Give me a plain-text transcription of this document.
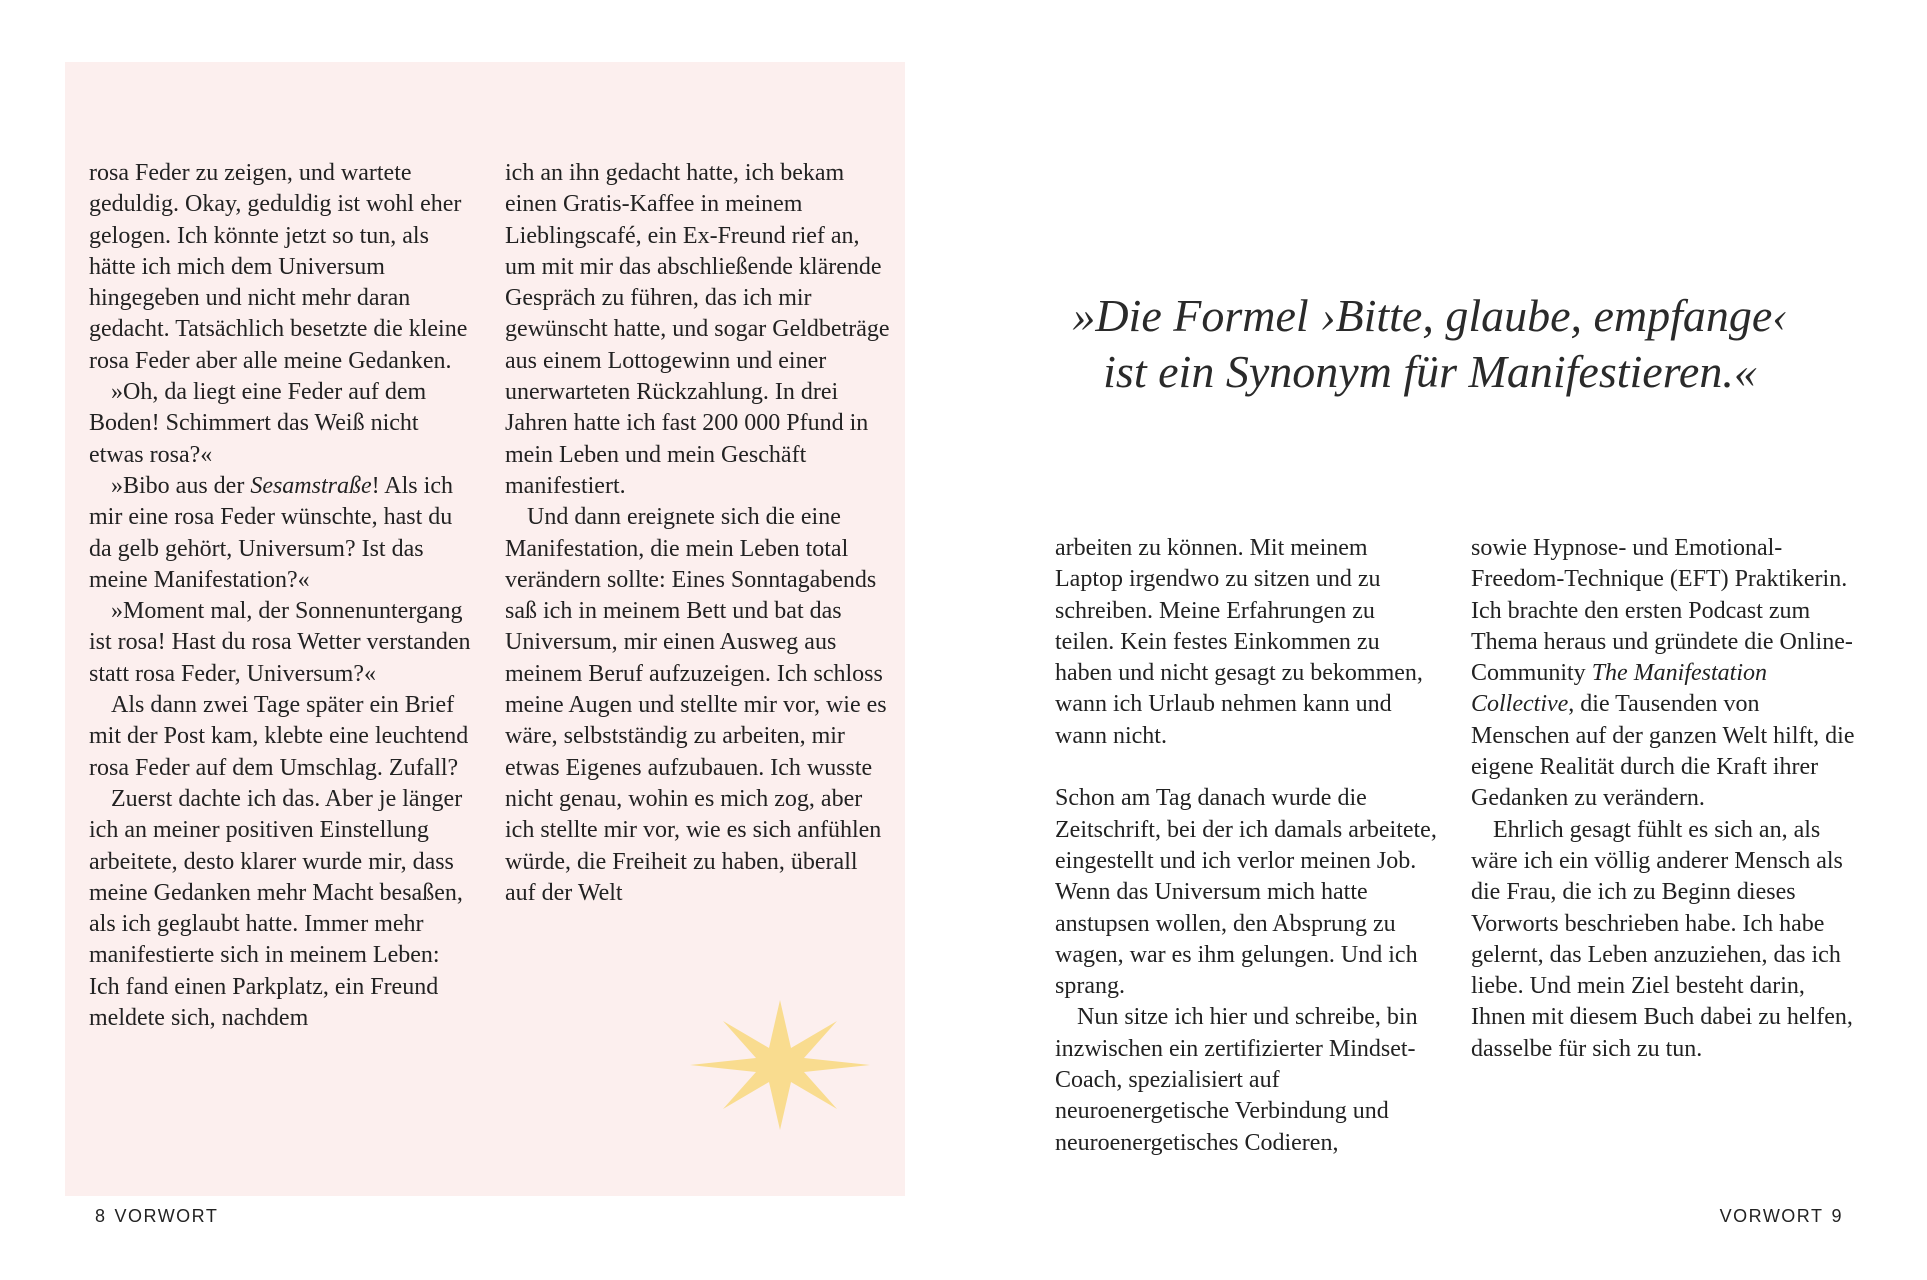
rosa Feder zu zeigen, und wartete geduldig. Okay, geduldig ist wohl eher gelogen. Ich könnte jetzt so tun, als hätte ich mich dem Universum hingegeben und nicht mehr daran gedacht. Tatsächlich besetzte die kleine rosa Feder aber alle meine Gedanken.

»Oh, da liegt eine Feder auf dem Boden! Schimmert das Weiß nicht etwas rosa?«

»Bibo aus der Sesamstraße! Als ich mir eine rosa Feder wünschte, hast du da gelb gehört, Universum? Ist das meine Manifestation?«

»Moment mal, der Sonnenuntergang ist rosa! Hast du rosa Wetter verstanden statt rosa Feder, Universum?«

Als dann zwei Tage später ein Brief mit der Post kam, klebte eine leuchtend rosa Feder auf dem Umschlag. Zufall?

Zuerst dachte ich das. Aber je länger ich an meiner positiven Einstellung arbeitete, desto klarer wurde mir, dass meine Gedanken mehr Macht besaßen, als ich geglaubt hatte. Immer mehr manifestierte sich in meinem Leben: Ich fand einen Parkplatz, ein Freund meldete sich, nachdem

ich an ihn gedacht hatte, ich bekam einen Gratis-Kaffee in meinem Lieblingscafé, ein Ex-Freund rief an, um mit mir das abschließende klärende Gespräch zu führen, das ich mir gewünscht hatte, und sogar Geldbeträge aus einem Lottogewinn und einer unerwarteten Rückzahlung. In drei Jahren hatte ich fast 200 000 Pfund in mein Leben und mein Geschäft manifestiert.

Und dann ereignete sich die eine Manifestation, die mein Leben total verändern sollte: Eines Sonntagabends saß ich in meinem Bett und bat das Universum, mir einen Ausweg aus meinem Beruf aufzuzeigen. Ich schloss meine Augen und stellte mir vor, wie es wäre, selbstständig zu arbeiten, mir etwas Eigenes aufzubauen. Ich wusste nicht genau, wohin es mich zog, aber ich stellte mir vor, wie es sich anfühlen würde, die Freiheit zu haben, überall auf der Welt

»Die Formel ›Bitte, glaube, empfange‹
ist ein Synonym für Manifestieren.«

arbeiten zu können. Mit meinem Laptop irgendwo zu sitzen und zu schreiben. Meine Erfahrungen zu teilen. Kein festes Einkommen zu haben und nicht gesagt zu bekommen, wann ich Urlaub nehmen kann und wann nicht.

Schon am Tag danach wurde die Zeitschrift, bei der ich damals arbeitete, eingestellt und ich verlor meinen Job. Wenn das Universum mich hatte anstupsen wollen, den Absprung zu wagen, war es ihm gelungen. Und ich sprang.

Nun sitze ich hier und schreibe, bin inzwischen ein zertifizierter Mindset-Coach, spezialisiert auf neuroenergetische Verbindung und neuroenergetisches Codieren,

sowie Hypnose- und Emotional-Freedom-Technique (EFT) Praktikerin. Ich brachte den ersten Podcast zum Thema heraus und gründete die Online-Community The Manifestation Collective, die Tausenden von Menschen auf der ganzen Welt hilft, die eigene Realität durch die Kraft ihrer Gedanken zu verändern.

Ehrlich gesagt fühlt es sich an, als wäre ich ein völlig anderer Mensch als die Frau, die ich zu Beginn dieses Vorworts beschrieben habe. Ich habe gelernt, das Leben anzuziehen, das ich liebe. Und mein Ziel besteht darin, Ihnen mit diesem Buch dabei zu helfen, dasselbe für sich zu tun.

8 VORWORT	VORWORT 9
